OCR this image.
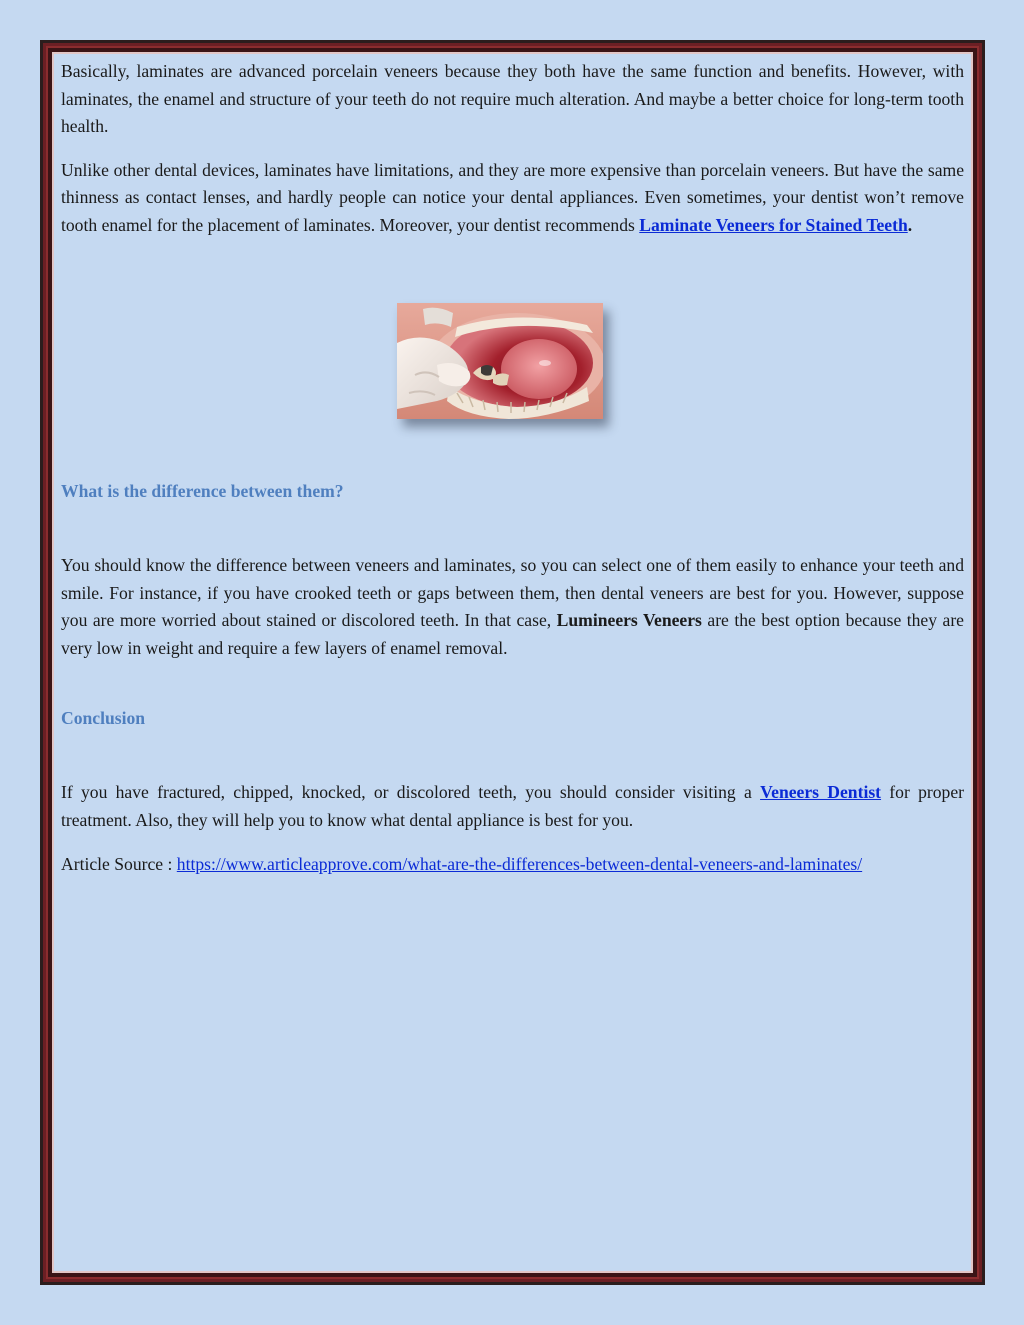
Basically, laminates are advanced porcelain veneers because they both have the same function and benefits. However, with laminates, the enamel and structure of your teeth do not require much alteration. And maybe a better choice for long-term tooth health.

Unlike other dental devices, laminates have limitations, and they are more expensive than porcelain veneers. But have the same thinness as contact lenses, and hardly people can notice your dental appliances. Even sometimes, your dentist won’t remove tooth enamel for the placement of laminates. Moreover, your dentist recommends Laminate Veneers for Stained Teeth.

What is the difference between them?

You should know the difference between veneers and laminates, so you can select one of them easily to enhance your teeth and smile. For instance, if you have crooked teeth or gaps between them, then dental veneers are best for you. However, suppose you are more worried about stained or discolored teeth. In that case, Lumineers Veneers are the best option because they are very low in weight and require a few layers of enamel removal.

Conclusion

If you have fractured, chipped, knocked, or discolored teeth, you should consider visiting a Veneers Dentist for proper treatment. Also, they will help you to know what dental appliance is best for you.

Article Source : https://www.articleapprove.com/what-are-the-differences-between-dental-veneers-and-laminates/
